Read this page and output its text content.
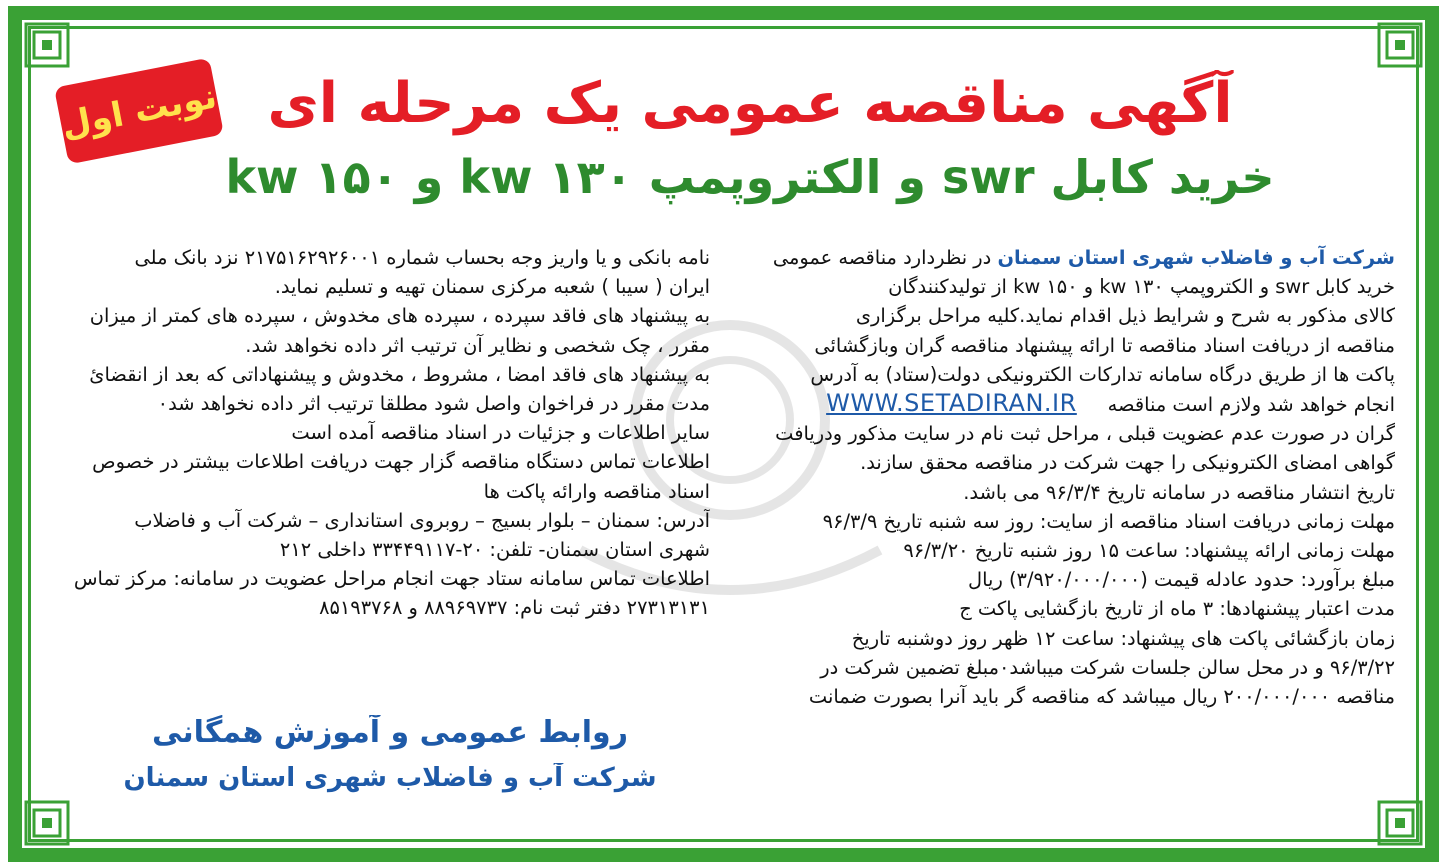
نوبت اول آگهی مناقصه عمومی یک مرحله ای
خرید کابل swr و الکتروپمپ ۱۳۰ kw و ۱۵۰ kw
شرکت آب و فاضلاب شهری استان سمنان در نظردارد مناقصه عمومی
خرید کابل swr و الکتروپمپ ۱۳۰ kw و ۱۵۰ kw از تولیدکنندگان
کالای مذکور به شرح و شرایط ذیل اقدام نماید.کلیه مراحل برگزاری
مناقصه از دریافت اسناد مناقصه تا ارائه پیشنهاد مناقصه گران وبازگشائی
پاکت ها از طریق درگاه سامانه تدارکات الکترونیکی دولت(ستاد) به آدرس
انجام خواهد شد ولازم است مناقصه     WWW.SETADIRAN.IR
گران در صورت عدم عضویت قبلی ، مراحل ثبت نام در سایت مذکور ودریافت
گواهی امضای الکترونیکی را جهت شرکت در مناقصه محقق سازند.
تاریخ انتشار مناقصه در سامانه تاریخ ۹۶/۳/۴ می باشد.
مهلت زمانی دریافت اسناد مناقصه از سایت: روز سه شنبه تاریخ ۹۶/۳/۹
مهلت زمانی ارائه پیشنهاد: ساعت ۱۵ روز شنبه تاریخ ۹۶/۳/۲۰
مبلغ برآورد: حدود عادله قیمت (۳/۹۲۰/۰۰۰/۰۰۰) ریال
مدت اعتبار پیشنهادها: ۳ ماه از تاریخ بازگشایی پاکت ج
زمان بازگشائی پاکت های پیشنهاد: ساعت ۱۲ ظهر روز دوشنبه تاریخ
۹۶/۳/۲۲ و در محل سالن جلسات شرکت میباشد٠مبلغ تضمین شرکت در
مناقصه ۲۰۰/۰۰۰/۰۰۰ ریال میباشد که مناقصه گر باید آنرا بصورت ضمانت
نامه بانکی و یا واریز وجه بحساب شماره ۲۱۷۵۱۶۲۹۲۶۰۰۱ نزد بانک ملی
ایران ( سیبا ) شعبه مرکزی سمنان تهیه و تسلیم نماید.
به پیشنهاد های فاقد سپرده ، سپرده های مخدوش ، سپرده های کمتر از میزان
مقرر ، چک شخصی و نظایر آن ترتیب اثر داده نخواهد شد.
به پیشنهاد های فاقد امضا ، مشروط ، مخدوش و پیشنهاداتی که بعد از انقضائ
مدت مقرر در فراخوان واصل شود مطلقا ترتیب اثر داده نخواهد شد٠
سایر اطلاعات و جزئیات در اسناد مناقصه آمده است
اطلاعات تماس دستگاه مناقصه گزار جهت دریافت اطلاعات بیشتر در خصوص
اسناد مناقصه وارائه پاکت ها
آدرس: سمنان – بلوار بسیج – روبروی استانداری – شرکت آب و فاضلاب
شهری استان سمنان- تلفن: ۲۰-۳۳۴۴۹۱۱۷ داخلی ۲۱۲
اطلاعات تماس سامانه ستاد جهت انجام مراحل عضویت در سامانه: مرکز تماس
۲۷۳۱۳۱۳۱ دفتر ثبت نام: ۸۸۹۶۹۷۳۷ و ۸۵۱۹۳۷۶۸
روابط عمومی و آموزش همگانی
شرکت آب و فاضلاب شهری استان سمنان
